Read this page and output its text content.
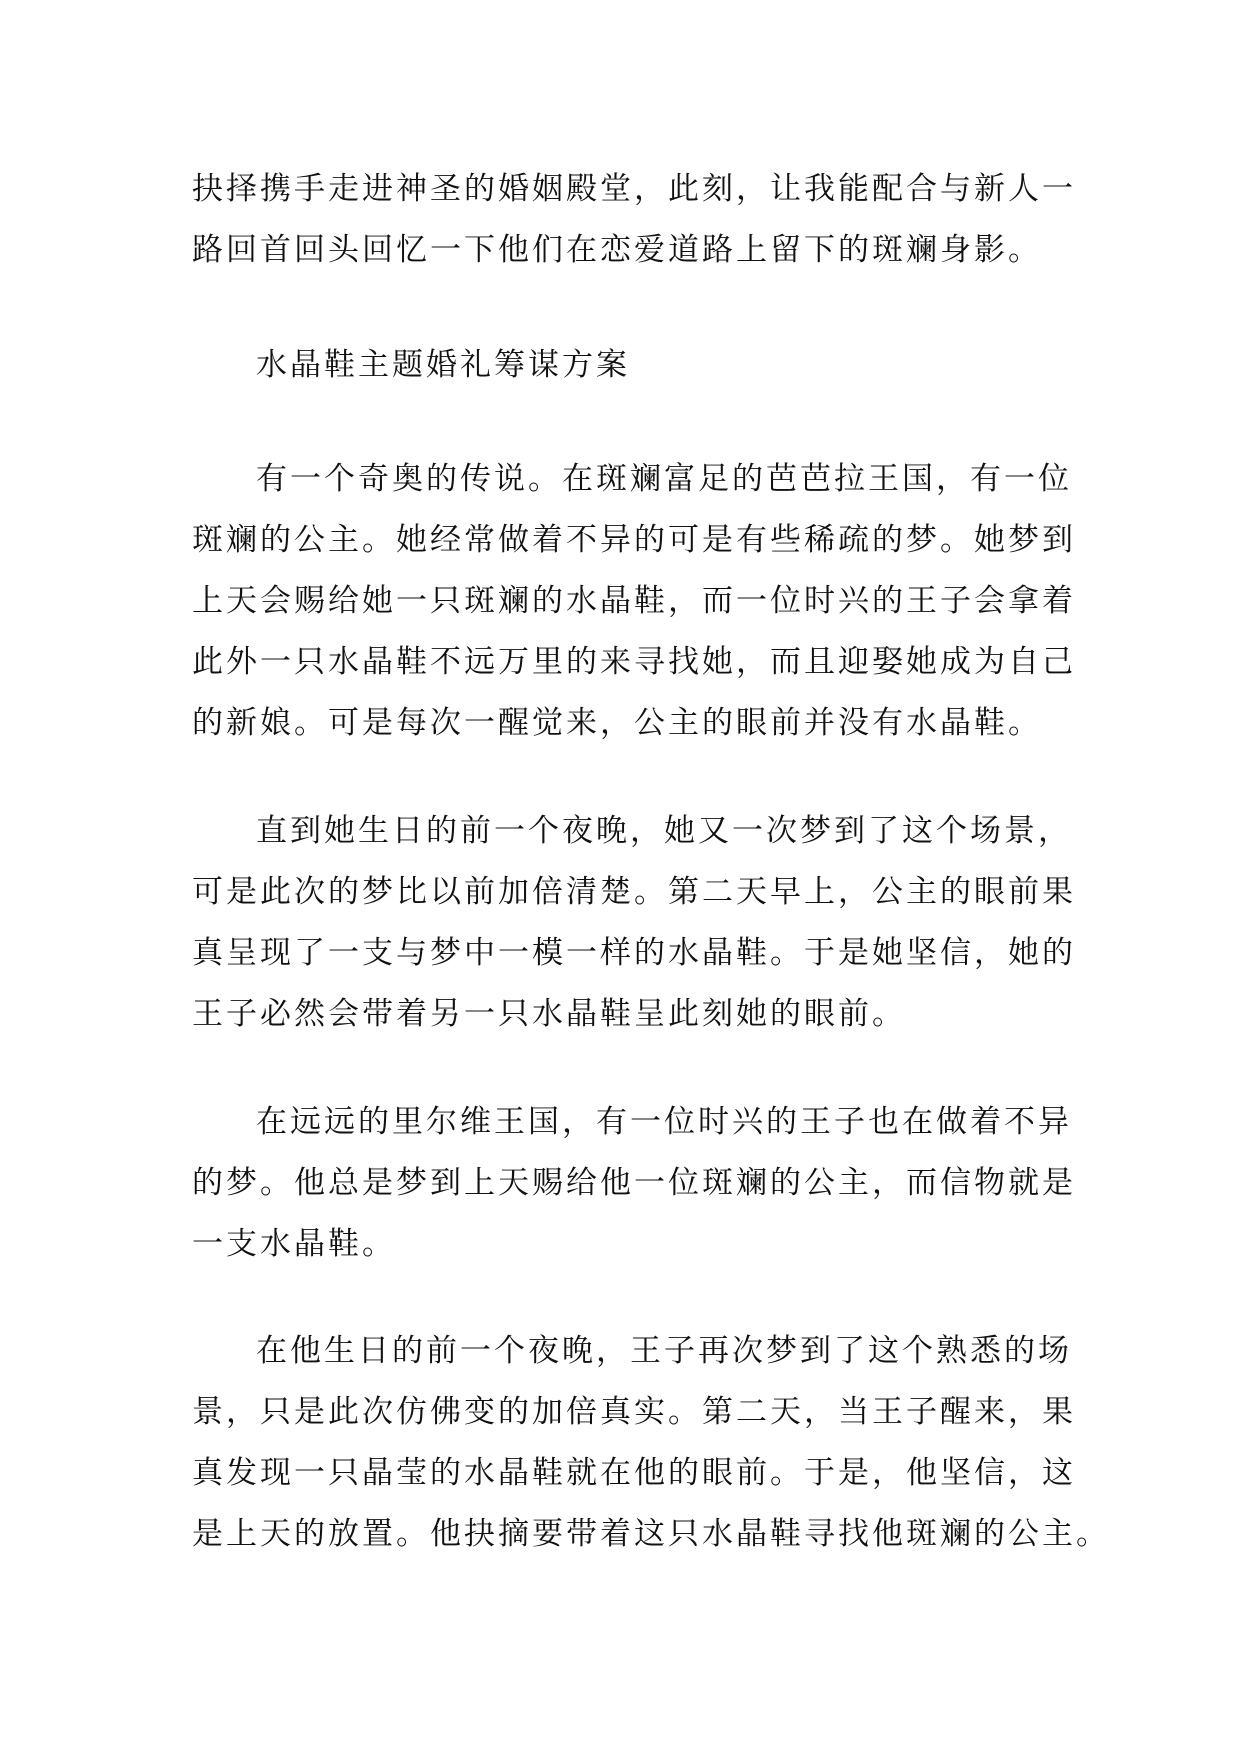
抉择携手走进神圣的婚姻殿堂，此刻，让我能配合与新人一
路回首回头回忆一下他们在恋爱道路上留下的斑斓身影。

水晶鞋主题婚礼筹谋方案

有一个奇奥的传说。在斑斓富足的芭芭拉王国，有一位
斑斓的公主。她经常做着不异的可是有些稀疏的梦。她梦到
上天会赐给她一只斑斓的水晶鞋，而一位时兴的王子会拿着
此外一只水晶鞋不远万里的来寻找她，而且迎娶她成为自己
的新娘。可是每次一醒觉来，公主的眼前并没有水晶鞋。

直到她生日的前一个夜晚，她又一次梦到了这个场景，
可是此次的梦比以前加倍清楚。第二天早上，公主的眼前果
真呈现了一支与梦中一模一样的水晶鞋。于是她坚信，她的
王子必然会带着另一只水晶鞋呈此刻她的眼前。

在远远的里尔维王国，有一位时兴的王子也在做着不异
的梦。他总是梦到上天赐给他一位斑斓的公主，而信物就是
一支水晶鞋。

在他生日的前一个夜晚，王子再次梦到了这个熟悉的场
景，只是此次仿佛变的加倍真实。第二天，当王子醒来，果
真发现一只晶莹的水晶鞋就在他的眼前。于是，他坚信，这
是上天的放置。他抉摘要带着这只水晶鞋寻找他斑斓的公主。
